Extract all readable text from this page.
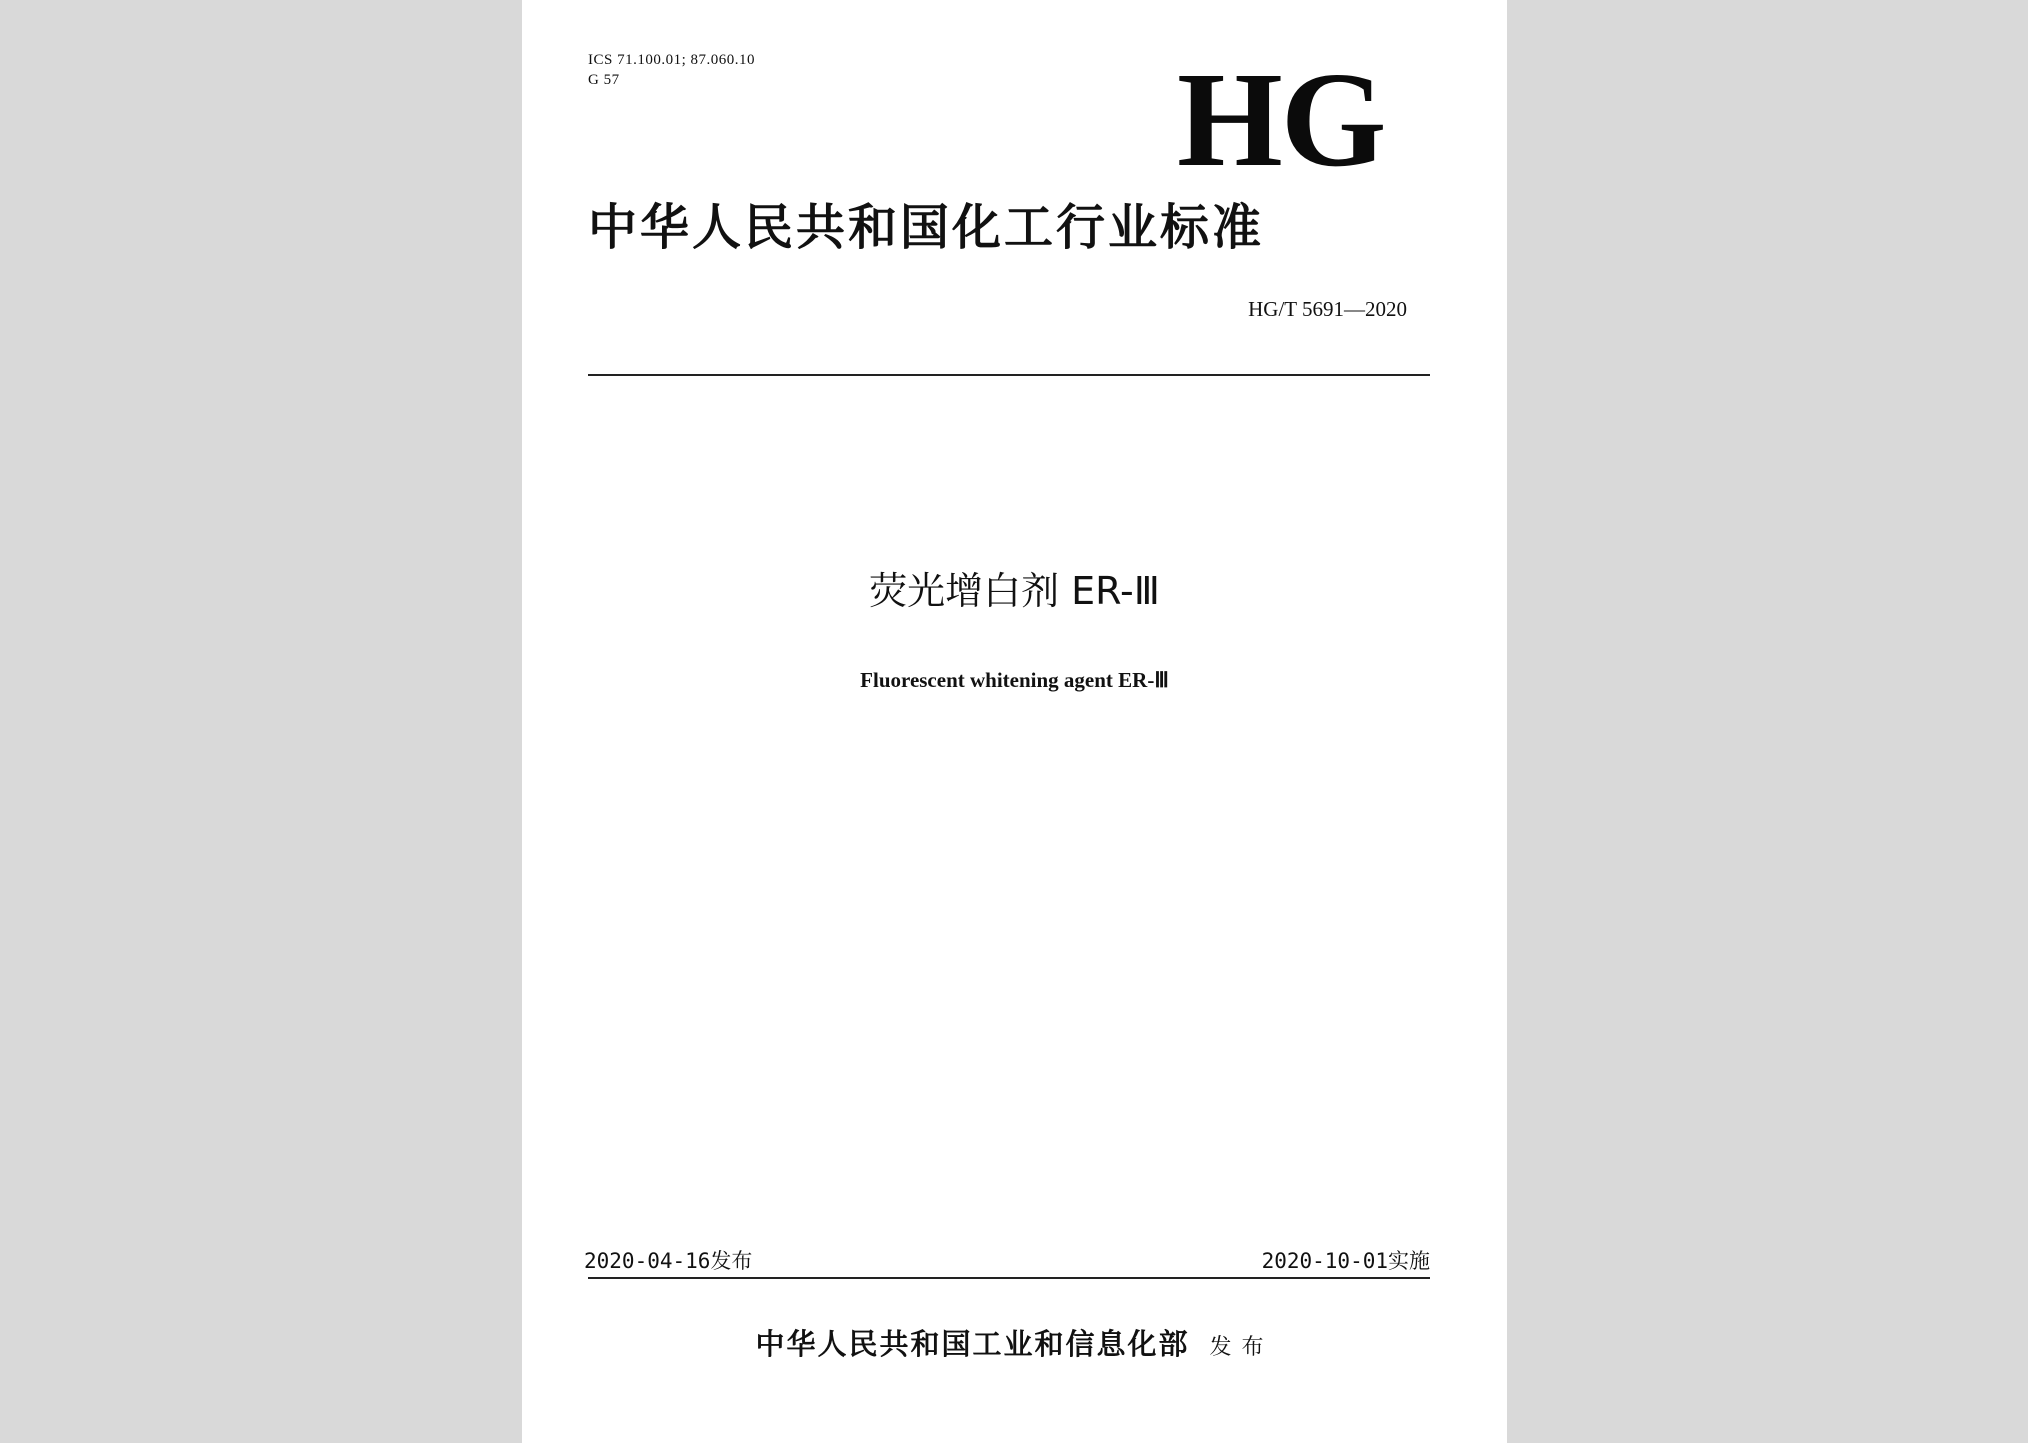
ICS 71.100.01; 87.060.10
G 57	HG
中华人民共和国化工行业标准
HG/T 5691—2020
荧光增白剂 ER-Ⅲ
Fluorescent whitening agent ER-Ⅲ
2020-04-16发布	2020-10-01实施
中华人民共和国工业和信息化部 发布
